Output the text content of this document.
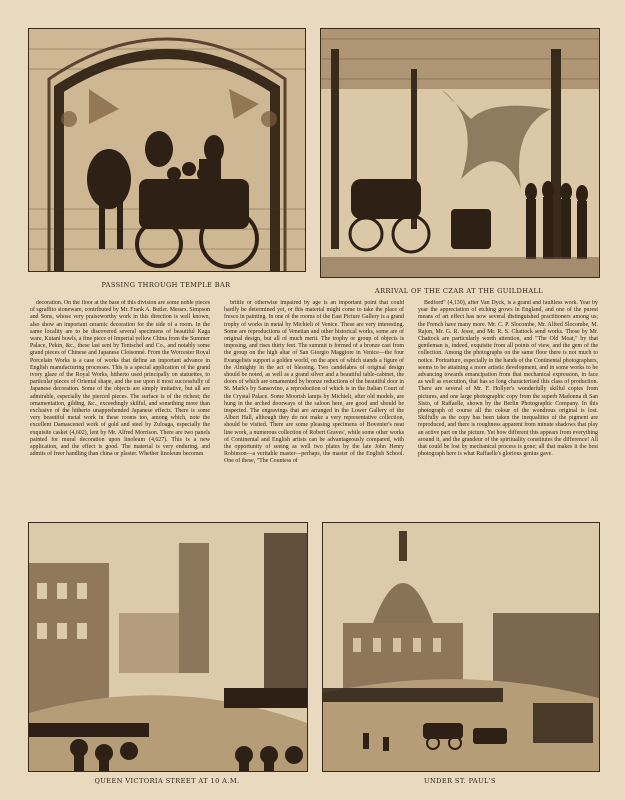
PASSING THROUGH TEMPLE BAR
ARRIVAL OF THE CZAR AT THE GUILDHALL

decoration. On the floor at the base of this division are some noble pieces of sgraffito stoneware, contributed by Mr. Frank A. Butler. Messrs. Simpson and Sons, whose very praiseworthy work in this direction is well known, also show an important ceramic decoration for the side of a room. In the same locality are to be discovered several specimens of beautiful Kaga ware, Kutani bowls, a fine piece of Imperial yellow China from the Summer Palace, Pekin, &c., these last sent by Tentschel and Co., and notably some grand pieces of Chinese and Japanese Cloisonné. From the Worcester Royal Porcelain Works is a case of works that define an important advance in English manufacturing processes. This is a special application of the grand ivory glaze of the Royal Works, hitherto used principally on statuettes, to particular pieces of Oriental shape, and the use upon it most successfully of Japanese decoration. Some of the objects are simply imitative, but all are admirable, especially the pierced pieces. The surface is of the richest; the ornamentation, gilding, &c., exceedingly skilful, and something more than exclusive of the hitherto unapprehended Japanese effects. There is some very beautiful metal work in these rooms too, among which, note the excellent Damascened work of gold and steel by Zuloaga, especially the exquisite casket (4,602), lent by Mr. Alfred Morrison. There are two panels painted for mural decoration upon linoleum (4,627). This is a new application, and the effect is good. The material is very enduring, and admits of freer handling than china or plaster. Whether linoleum becomes

brittle or otherwise impaired by age is an important point that could hardly be determined yet, or this material might come to take the place of fresco in painting. In one of the rooms of the East Picture Gallery is a grand trophy of works in metal by Michieli of Venice. These are very interesting. Some are reproductions of Venetian and other historical works, some are of original design, but all of much merit. The trophy or group of objects is imposing, and rises thirty feet. The summit is formed of a bronze cast from the group on the high altar of San Giorgio Maggiore in Venice—the four Evangelists support a golden world, on the apex of which stands a figure of the Almighty in the act of blessing. Two candelabra of original design should be noted, as well as a grand silver and a beautiful table-cabinet, the doors of which are ornamented by bronze reductions of the beautiful door in St. Mark's by Sansovino, a reproduction of which is in the Italian Court of the Crystal Palace. Some Moorish lamps by Michieli, after old models, are hung in the arched doorways of the saloon here, are good and should be inspected. The engravings that are arranged in the Lower Gallery of the Albert Hall, although they do not make a very representative collection, should be visited. There are some pleasing specimens of Bovenier's neat line work, a numerous collection of Robert Graves', while some other works of Continental and English artists can be advantageously compared, with the opportunity of seeing as well two plates by the late John Henry Robinson—a veritable master—perhaps, the master of the English School. One of these, "The Countess of

Bedford" (4,130), after Van Dyck, is a grand and faultless work. Year by year the appreciation of etching grows in England, and one of the purest means of art effect has now several distinguished practitioners among us; the French have many more. Mr. C. P. Slocombe, Mr. Alfred Slocombe, M. Rajon, Mr. G. R. Jesse, and Mr. R. S. Chattock send works. Those by Mr. Chattock are particularly worth attention, and "The Old Moat," by that gentleman is, indeed, exquisite from all points of view, and the gem of the collection. Among the photographs on the same floor there is not much to notice. Portraiture, especially in the hands of the Continental photographers, seems to be attaining a more artistic development, and in some works to be advancing towards emancipation from that mechanical expression, in face as well as execution, that has so long characterised this class of production. There are several of Mr. F. Hollyer's wonderfully skilful copies from pictures, and one large photographic copy from the superb Madonna di San Sisto, of Raffaelle, shown by the Berlin Photographic Company. In this photograph of course all the colour of the wondrous original is lost. Skilfully as the copy has been taken the inequalities of the pigment are reproduced, and there is roughness apparent from minute shadows that play an active part on the picture. Yet how different this appears from everything around it, and the grandeur of the spirituality constitutes the difference! All that could be lost by mechanical process is gone; all that makes it the best photograph here is what Raffaelle's glorious genius gave.

QUEEN VICTORIA STREET AT 10 A.M.	UNDER ST. PAUL'S
